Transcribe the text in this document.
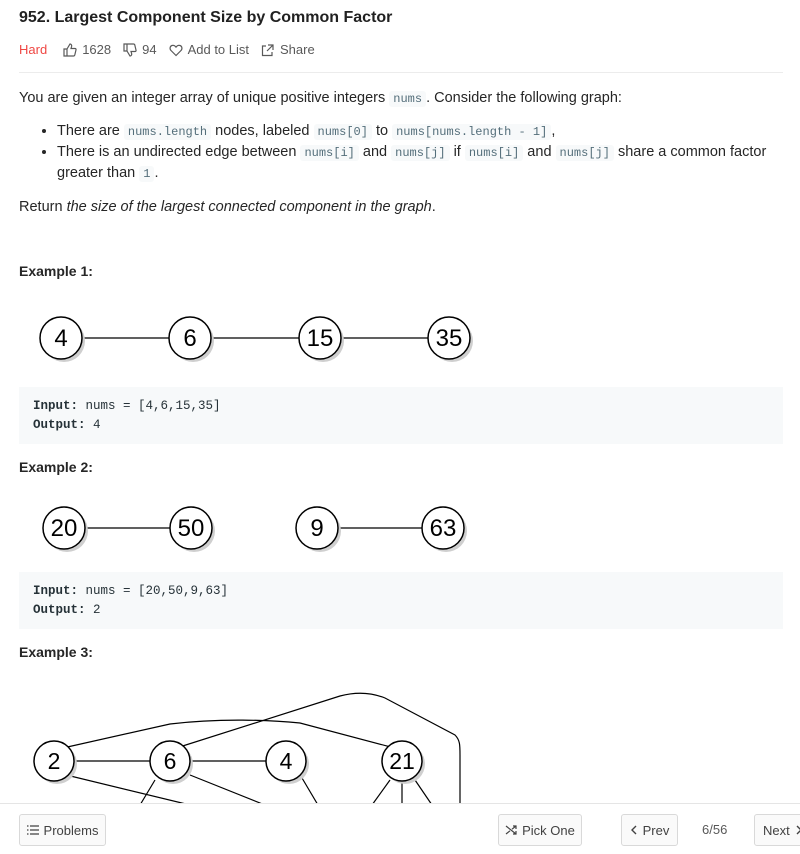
952. Largest Component Size by Common Factor
Hard	1628 94 Add to List Share

You are given an integer array of unique positive integers nums . Consider the following graph:

• There are nums.length nodes, labeled nums[0] to nums[nums.length - 1] ,
• There is an undirected edge between nums[i] and nums[j] if nums[i] and nums[j] share a common factor greater than 1 .

Return the size of the largest connected component in the graph.

Example 1:
4	6	15	35
Input: nums = [4,6,15,35]
Output: 4
Example 2:
20	50	9	63
Input: nums = [20,50,9,63]
Output: 2
Example 3:
2	6	4	21
Problems	Pick One	Prev	6/56	Next
